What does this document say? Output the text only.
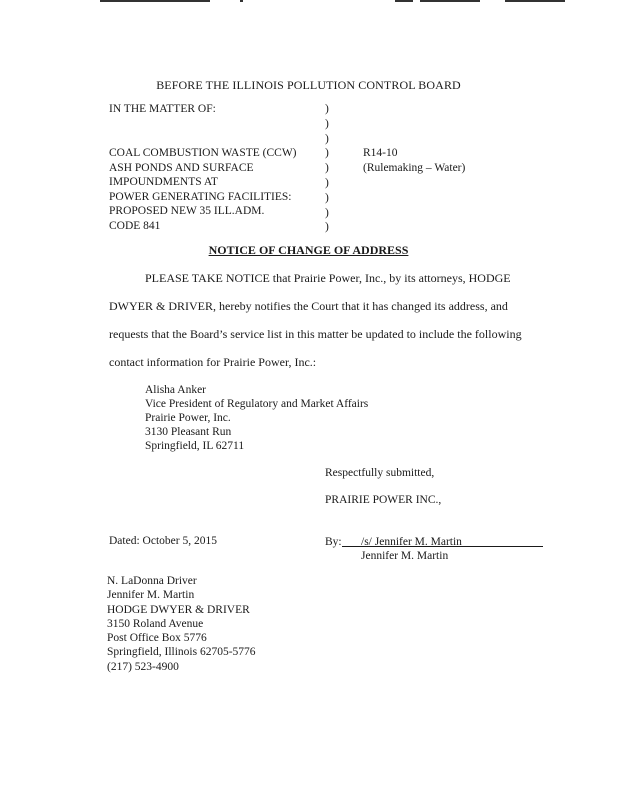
BEFORE THE ILLINOIS POLLUTION CONTROL BOARD
IN THE MATTER OF:
COAL COMBUSTION WASTE (CCW)
ASH PONDS AND SURFACE
IMPOUNDMENTS AT
POWER GENERATING FACILITIES:
PROPOSED NEW 35 ILL.ADM.
CODE 841
)
)
)
)
)
)
)
)
)
R14-10
(Rulemaking – Water)
NOTICE OF CHANGE OF ADDRESS
PLEASE TAKE NOTICE that Prairie Power, Inc., by its attorneys, HODGE
DWYER & DRIVER, hereby notifies the Court that it has changed its address, and
requests that the Board’s service list in this matter be updated to include the following
contact information for Prairie Power, Inc.:
Alisha Anker
Vice President of Regulatory and Market Affairs
Prairie Power, Inc.
3130 Pleasant Run
Springfield, IL 62711
Respectfully submitted,
PRAIRIE POWER INC.,
Dated: October 5, 2015	By: /s/ Jennifer M. Martin
Jennifer M. Martin
N. LaDonna Driver
Jennifer M. Martin
HODGE DWYER & DRIVER
3150 Roland Avenue
Post Office Box 5776
Springfield, Illinois 62705-5776
(217) 523-4900
